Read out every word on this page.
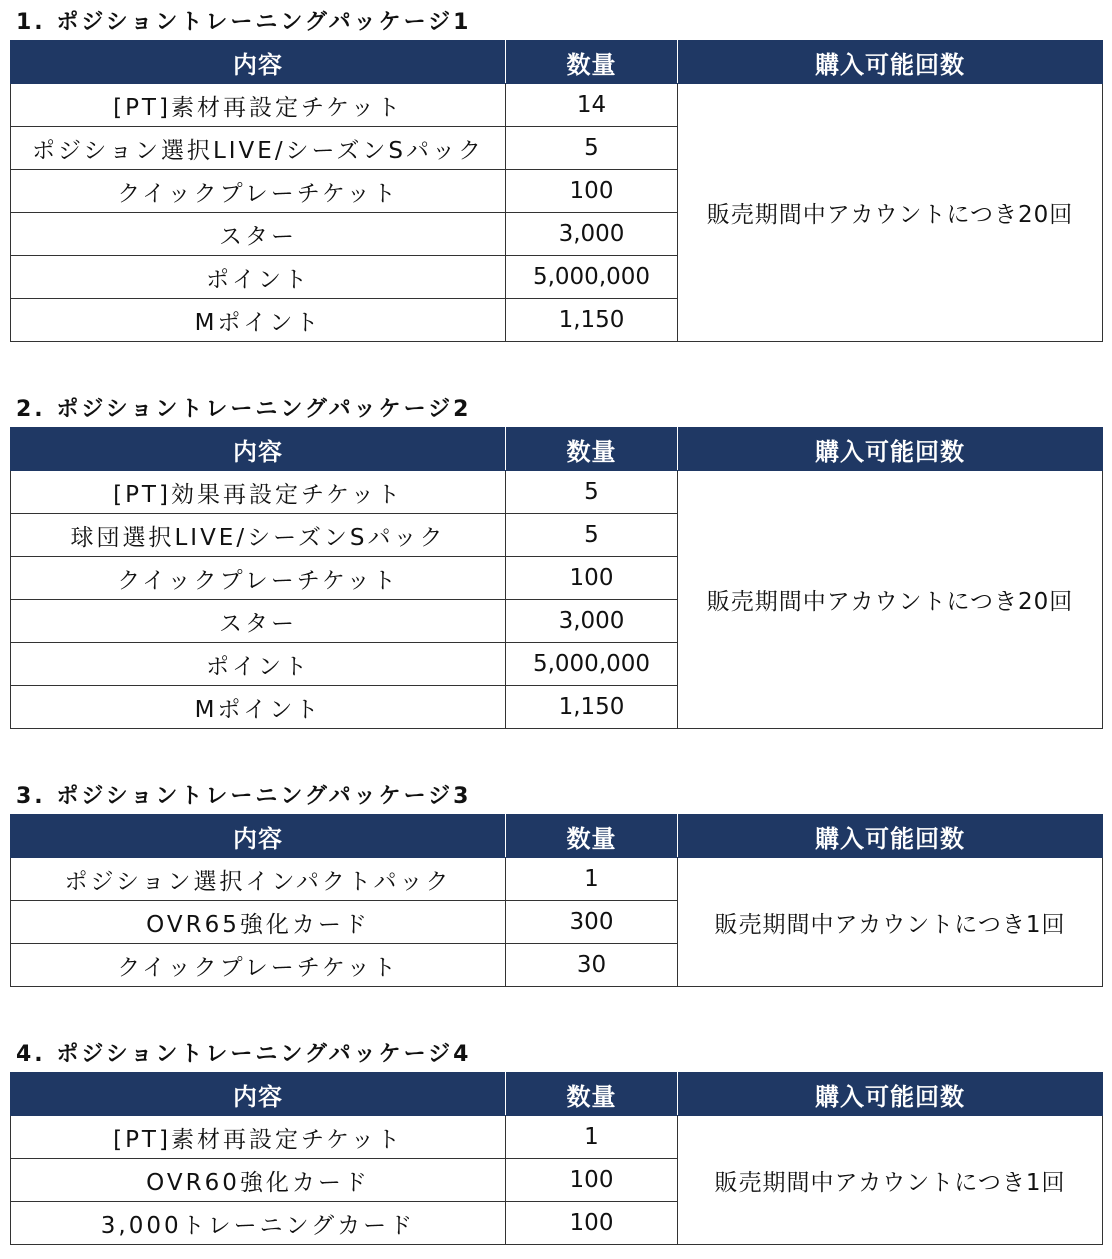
1. ポジショントレーニングパッケージ1
内容	数量	購入可能回数
[PT]素材再設定チケット	14	販売期間中アカウントにつき20回
ポジション選択LIVE/シーズンSパック	5	
クイックプレーチケット	100	
スター	3,000	
ポイント	5,000,000	
Mポイント	1,150	
2. ポジショントレーニングパッケージ2
内容	数量	購入可能回数
[PT]効果再設定チケット	5	販売期間中アカウントにつき20回
球団選択LIVE/シーズンSパック	5	
クイックプレーチケット	100	
スター	3,000	
ポイント	5,000,000	
Mポイント	1,150	
3. ポジショントレーニングパッケージ3
内容	数量	購入可能回数
ポジション選択インパクトパック	1	販売期間中アカウントにつき1回
OVR65強化カード	300	
クイックプレーチケット	30	
4. ポジショントレーニングパッケージ4
内容	数量	購入可能回数
[PT]素材再設定チケット	1	販売期間中アカウントにつき1回
OVR60強化カード	100	
3,000トレーニングカード	100	
